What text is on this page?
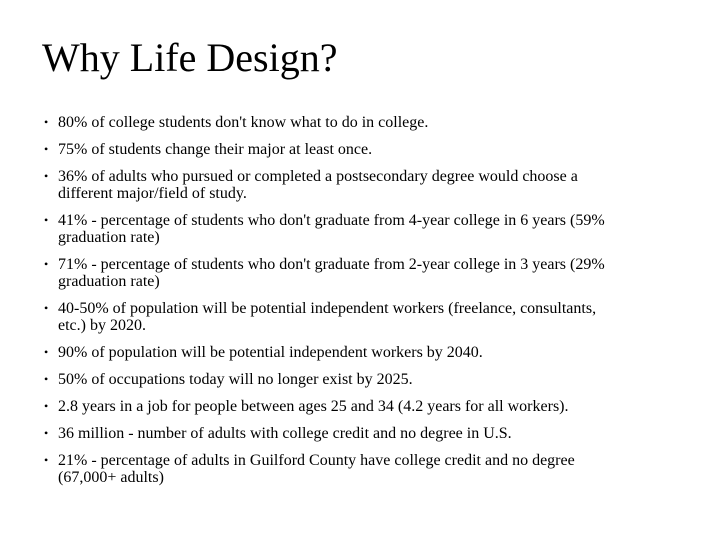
Why Life Design?
• 80% of college students don't know what to do in college.
• 75% of students change their major at least once.
• 36% of adults who pursued or completed a postsecondary degree would choose a
different major/field of study.
• 41% - percentage of students who don't graduate from 4-year college in 6 years (59%
graduation rate)
• 71% - percentage of students who don't graduate from 2-year college in 3 years (29%
graduation rate)
• 40-50% of population will be potential independent workers (freelance, consultants,
etc.) by 2020.
• 90% of population will be potential independent workers by 2040.
• 50% of occupations today will no longer exist by 2025.
• 2.8 years in a job for people between ages 25 and 34 (4.2 years for all workers).
• 36 million - number of adults with college credit and no degree in U.S.
• 21% - percentage of adults in Guilford County have college credit and no degree
(67,000+ adults)
